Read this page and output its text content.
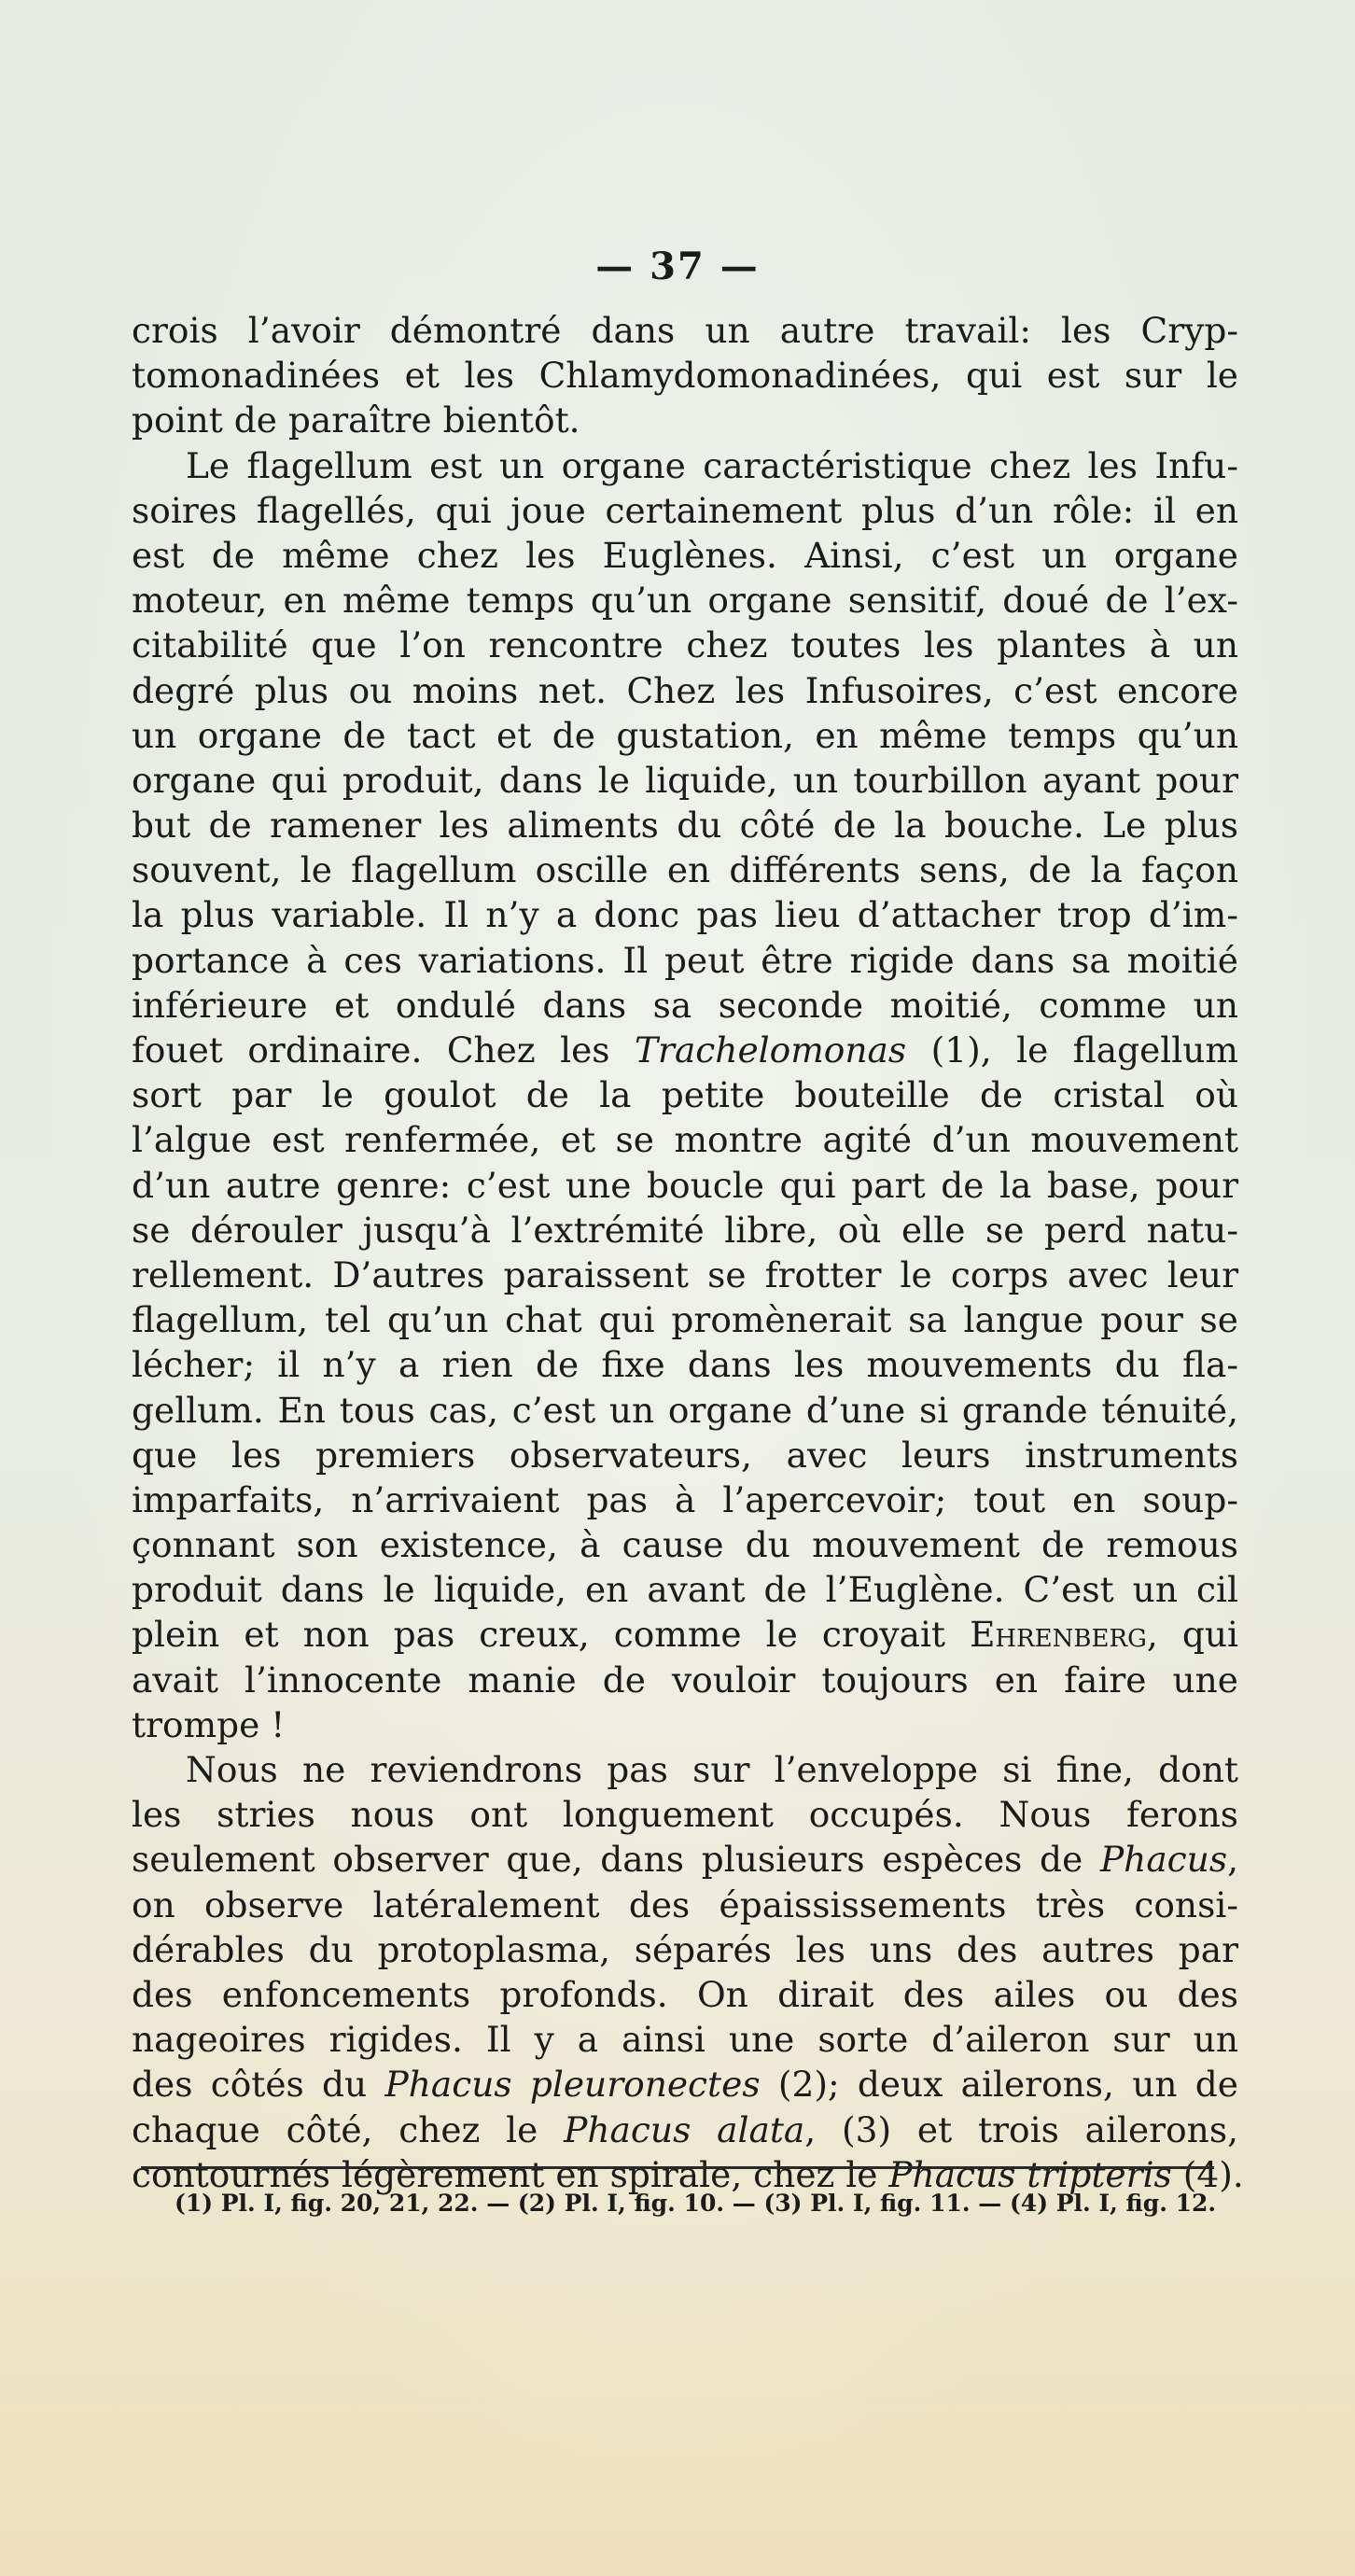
— 37 —
crois l’avoir démontré dans un autre travail: les Cryp-
tomonadinées et les Chlamydomonadinées, qui est sur le
point de paraître bientôt.
Le flagellum est un organe caractéristique chez les Infu-
soires flagellés, qui joue certainement plus d’un rôle: il en
est de même chez les Euglènes. Ainsi, c’est un organe
moteur, en même temps qu’un organe sensitif, doué de l’ex-
citabilité que l’on rencontre chez toutes les plantes à un
degré plus ou moins net. Chez les Infusoires, c’est encore
un organe de tact et de gustation, en même temps qu’un
organe qui produit, dans le liquide, un tourbillon ayant pour
but de ramener les aliments du côté de la bouche. Le plus
souvent, le flagellum oscille en différents sens, de la façon
la plus variable. Il n’y a donc pas lieu d’attacher trop d’im-
portance à ces variations. Il peut être rigide dans sa moitié
inférieure et ondulé dans sa seconde moitié, comme un
fouet ordinaire. Chez les Trachelomonas (1), le flagellum
sort par le goulot de la petite bouteille de cristal où
l’algue est renfermée, et se montre agité d’un mouvement
d’un autre genre: c’est une boucle qui part de la base, pour
se dérouler jusqu’à l’extrémité libre, où elle se perd natu-
rellement. D’autres paraissent se frotter le corps avec leur
flagellum, tel qu’un chat qui promènerait sa langue pour se
lécher; il n’y a rien de fixe dans les mouvements du fla-
gellum. En tous cas, c’est un organe d’une si grande ténuité,
que les premiers observateurs, avec leurs instruments
imparfaits, n’arrivaient pas à l’apercevoir; tout en soup-
çonnant son existence, à cause du mouvement de remous
produit dans le liquide, en avant de l’Euglène. C’est un cil
plein et non pas creux, comme le croyait Ehrenberg, qui
avait l’innocente manie de vouloir toujours en faire une
trompe !
Nous ne reviendrons pas sur l’enveloppe si fine, dont
les stries nous ont longuement occupés. Nous ferons
seulement observer que, dans plusieurs espèces de Phacus,
on observe latéralement des épaississements très consi-
dérables du protoplasma, séparés les uns des autres par
des enfoncements profonds. On dirait des ailes ou des
nageoires rigides. Il y a ainsi une sorte d’aileron sur un
des côtés du Phacus pleuronectes (2); deux ailerons, un de
chaque côté, chez le Phacus alata, (3) et trois ailerons,
contournés légèrement en spirale, chez le Phacus tripteris (4).
(1) Pl. I, fig. 20, 21, 22. — (2) Pl. I, fig. 10. — (3) Pl. I, fig. 11. — (4) Pl. I, fig. 12.
